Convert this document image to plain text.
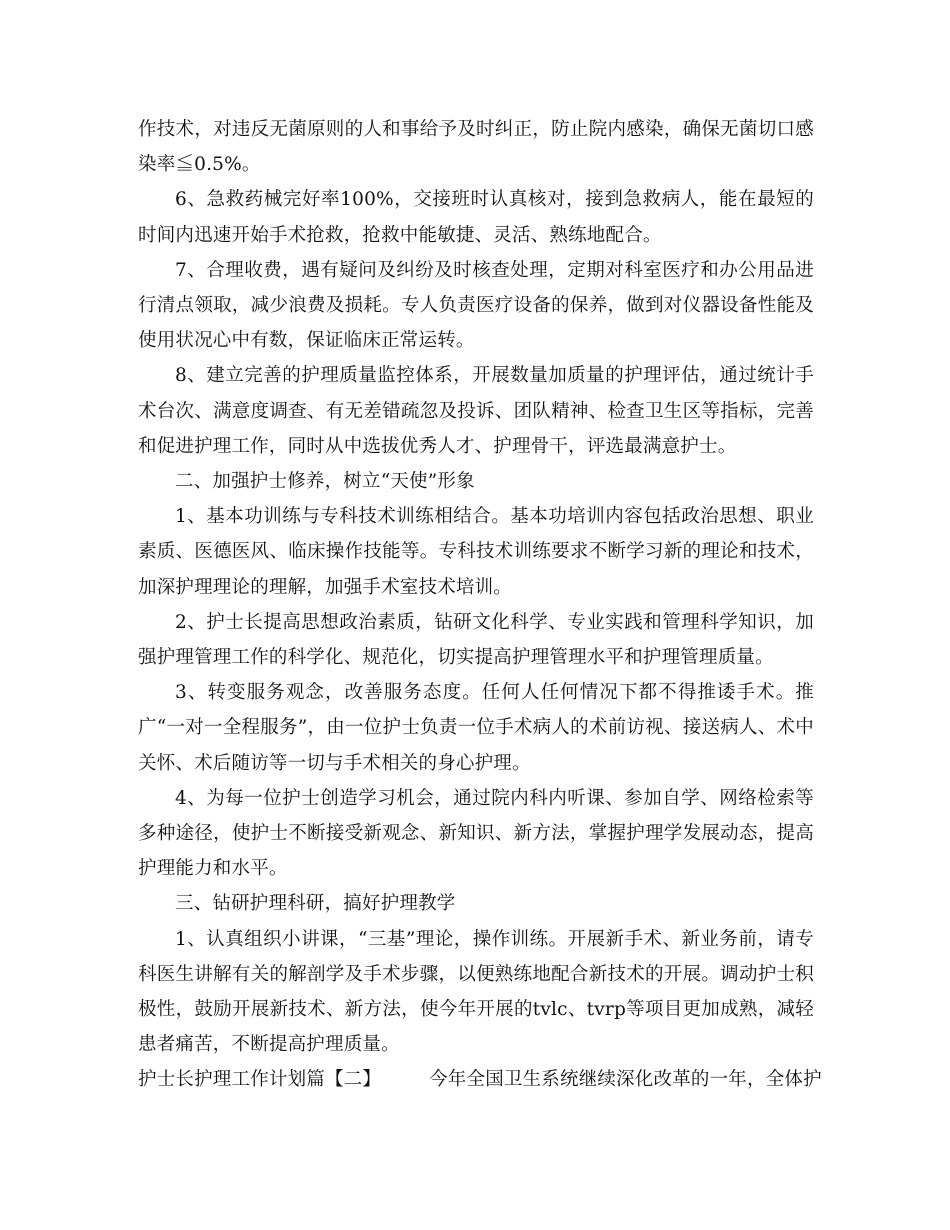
作技术，对违反无菌原则的人和事给予及时纠正，防止院内感染，确保无菌切口感染率≦0.5%。

6、急救药械完好率100%，交接班时认真核对，接到急救病人，能在最短的时间内迅速开始手术抢救，抢救中能敏捷、灵活、熟练地配合。

7、合理收费，遇有疑问及纠纷及时核查处理，定期对科室医疗和办公用品进行清点领取，减少浪费及损耗。专人负责医疗设备的保养，做到对仪器设备性能及使用状况心中有数，保证临床正常运转。

8、建立完善的护理质量监控体系，开展数量加质量的护理评估，通过统计手术台次、满意度调查、有无差错疏忽及投诉、团队精神、检查卫生区等指标，完善和促进护理工作，同时从中选拔优秀人才、护理骨干，评选最满意护士。

二、加强护士修养，树立“天使”形象

1、基本功训练与专科技术训练相结合。基本功培训内容包括政治思想、职业素质、医德医风、临床操作技能等。专科技术训练要求不断学习新的理论和技术，加深护理理论的理解，加强手术室技术培训。

2、护士长提高思想政治素质，钻研文化科学、专业实践和管理科学知识，加强护理管理工作的科学化、规范化，切实提高护理管理水平和护理管理质量。

3、转变服务观念，改善服务态度。任何人任何情况下都不得推诿手术。推广“一对一全程服务”，由一位护士负责一位手术病人的术前访视、接送病人、术中关怀、术后随访等一切与手术相关的身心护理。

4、为每一位护士创造学习机会，通过院内科内听课、参加自学、网络检索等多种途径，使护士不断接受新观念、新知识、新方法，掌握护理学发展动态，提高护理能力和水平。

三、钻研护理科研，搞好护理教学

1、认真组织小讲课，“三基”理论，操作训练。开展新手术、新业务前，请专科医生讲解有关的解剖学及手术步骤，以便熟练地配合新技术的开展。调动护士积极性，鼓励开展新技术、新方法，使今年开展的tvlc、tvrp等项目更加成熟，减轻患者痛苦，不断提高护理质量。

护士长护理工作计划篇【二】	今年全国卫生系统继续深化改革的一年，全体护
